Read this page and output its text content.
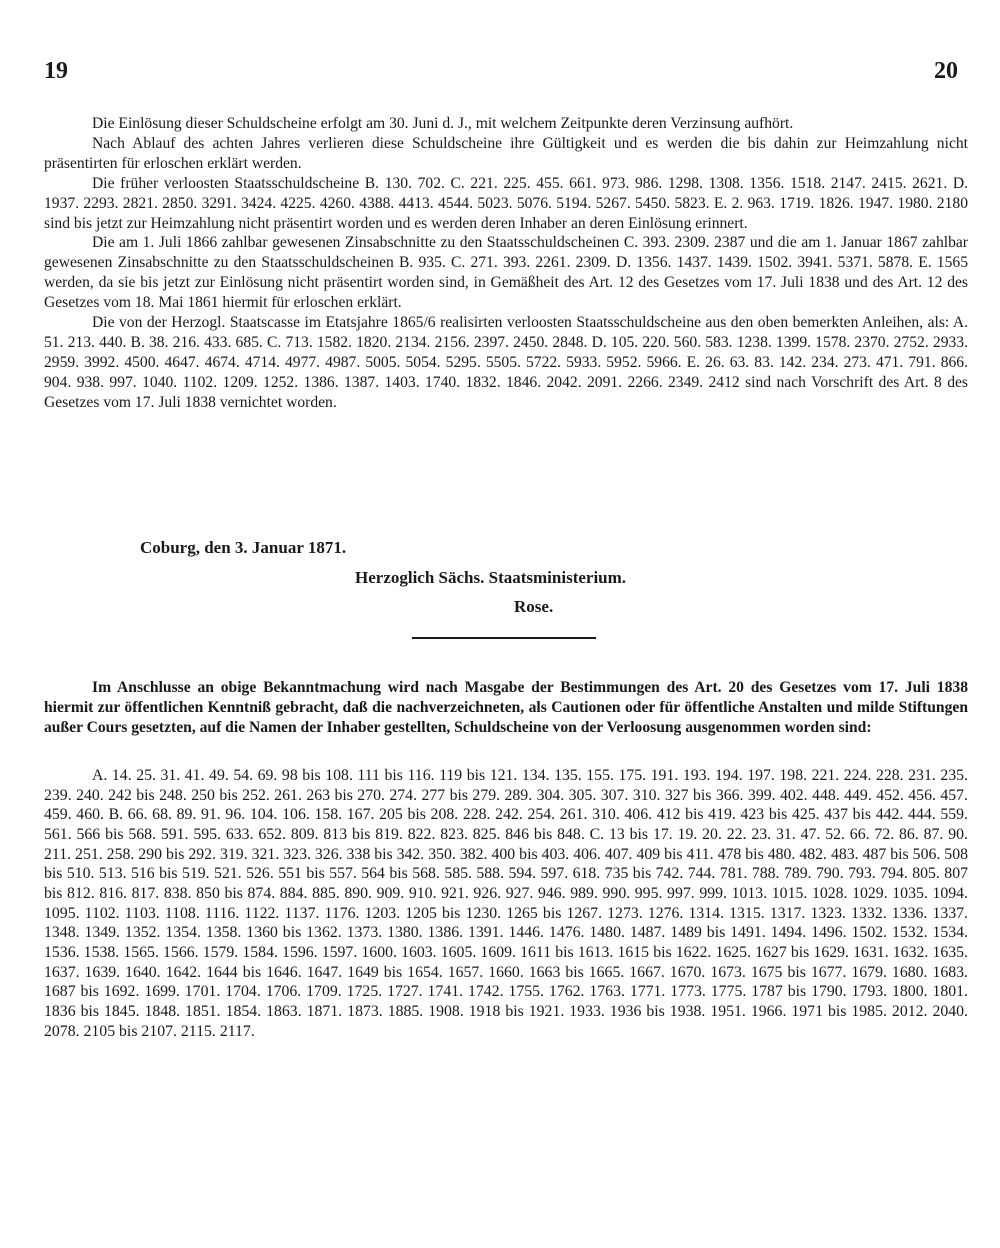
19	20

Die Einlösung dieser Schuldscheine erfolgt am 30. Juni d. J., mit welchem Zeitpunkte deren Verzinsung aufhört.

Nach Ablauf des achten Jahres verlieren diese Schuldscheine ihre Gültigkeit und es werden die bis dahin zur Heimzahlung nicht präsentirten für erloschen erklärt werden.

Die früher verloosten Staatsschuldscheine B. 130. 702. C. 221. 225. 455. 661. 973. 986. 1298. 1308. 1356. 1518. 2147. 2415. 2621. D. 1937. 2293. 2821. 2850. 3291. 3424. 4225. 4260. 4388. 4413. 4544. 5023. 5076. 5194. 5267. 5450. 5823. E. 2. 963. 1719. 1826. 1947. 1980. 2180 sind bis jetzt zur Heimzahlung nicht präsentirt worden und es werden deren Inhaber an deren Einlösung erinnert.

Die am 1. Juli 1866 zahlbar gewesenen Zinsabschnitte zu den Staatsschuldscheinen C. 393. 2309. 2387 und die am 1. Januar 1867 zahlbar gewesenen Zinsabschnitte zu den Staatsschuldscheinen B. 935. C. 271. 393. 2261. 2309. D. 1356. 1437. 1439. 1502. 3941. 5371. 5878. E. 1565 werden, da sie bis jetzt zur Einlösung nicht präsentirt worden sind, in Gemäßheit des Art. 12 des Gesetzes vom 17. Juli 1838 und des Art. 12 des Gesetzes vom 18. Mai 1861 hiermit für erloschen erklärt.

Die von der Herzogl. Staatscasse im Etatsjahre 1865/6 realisirten verloosten Staatsschuldscheine aus den oben bemerkten Anleihen, als: A. 51. 213. 440. B. 38. 216. 433. 685. C. 713. 1582. 1820. 2134. 2156. 2397. 2450. 2848. D. 105. 220. 560. 583. 1238. 1399. 1578. 2370. 2752. 2933. 2959. 3992. 4500. 4647. 4674. 4714. 4977. 4987. 5005. 5054. 5295. 5505. 5722. 5933. 5952. 5966. E. 26. 63. 83. 142. 234. 273. 471. 791. 866. 904. 938. 997. 1040. 1102. 1209. 1252. 1386. 1387. 1403. 1740. 1832. 1846. 2042. 2091. 2266. 2349. 2412 sind nach Vorschrift des Art. 8 des Gesetzes vom 17. Juli 1838 vernichtet worden.

Coburg, den 3. Januar 1871.
Herzoglich Sächs. Staatsministerium.
Rose.

Im Anschlusse an obige Bekanntmachung wird nach Masgabe der Bestimmungen des Art. 20 des Gesetzes vom 17. Juli 1838 hiermit zur öffentlichen Kenntniß gebracht, daß die nachverzeichneten, als Cautionen oder für öffentliche Anstalten und milde Stiftungen außer Cours gesetzten, auf die Namen der Inhaber gestellten, Schuldscheine von der Verloosung ausgenommen worden sind:

A. 14. 25. 31. 41. 49. 54. 69. 98 bis 108. 111 bis 116. 119 bis 121. 134. 135. 155. 175. 191. 193. 194. 197. 198. 221. 224. 228. 231. 235. 239. 240. 242 bis 248. 250 bis 252. 261. 263 bis 270. 274. 277 bis 279. 289. 304. 305. 307. 310. 327 bis 366. 399. 402. 448. 449. 452. 456. 457. 459. 460. B. 66. 68. 89. 91. 96. 104. 106. 158. 167. 205 bis 208. 228. 242. 254. 261. 310. 406. 412 bis 419. 423 bis 425. 437 bis 442. 444. 559. 561. 566 bis 568. 591. 595. 633. 652. 809. 813 bis 819. 822. 823. 825. 846 bis 848. C. 13 bis 17. 19. 20. 22. 23. 31. 47. 52. 66. 72. 86. 87. 90. 211. 251. 258. 290 bis 292. 319. 321. 323. 326. 338 bis 342. 350. 382. 400 bis 403. 406. 407. 409 bis 411. 478 bis 480. 482. 483. 487 bis 506. 508 bis 510. 513. 516 bis 519. 521. 526. 551 bis 557. 564 bis 568. 585. 588. 594. 597. 618. 735 bis 742. 744. 781. 788. 789. 790. 793. 794. 805. 807 bis 812. 816. 817. 838. 850 bis 874. 884. 885. 890. 909. 910. 921. 926. 927. 946. 989. 990. 995. 997. 999. 1013. 1015. 1028. 1029. 1035. 1094. 1095. 1102. 1103. 1108. 1116. 1122. 1137. 1176. 1203. 1205 bis 1230. 1265 bis 1267. 1273. 1276. 1314. 1315. 1317. 1323. 1332. 1336. 1337. 1348. 1349. 1352. 1354. 1358. 1360 bis 1362. 1373. 1380. 1386. 1391. 1446. 1476. 1480. 1487. 1489 bis 1491. 1494. 1496. 1502. 1532. 1534. 1536. 1538. 1565. 1566. 1579. 1584. 1596. 1597. 1600. 1603. 1605. 1609. 1611 bis 1613. 1615 bis 1622. 1625. 1627 bis 1629. 1631. 1632. 1635. 1637. 1639. 1640. 1642. 1644 bis 1646. 1647. 1649 bis 1654. 1657. 1660. 1663 bis 1665. 1667. 1670. 1673. 1675 bis 1677. 1679. 1680. 1683. 1687 bis 1692. 1699. 1701. 1704. 1706. 1709. 1725. 1727. 1741. 1742. 1755. 1762. 1763. 1771. 1773. 1775. 1787 bis 1790. 1793. 1800. 1801. 1836 bis 1845. 1848. 1851. 1854. 1863. 1871. 1873. 1885. 1908. 1918 bis 1921. 1933. 1936 bis 1938. 1951. 1966. 1971 bis 1985. 2012. 2040. 2078. 2105 bis 2107. 2115. 2117.
